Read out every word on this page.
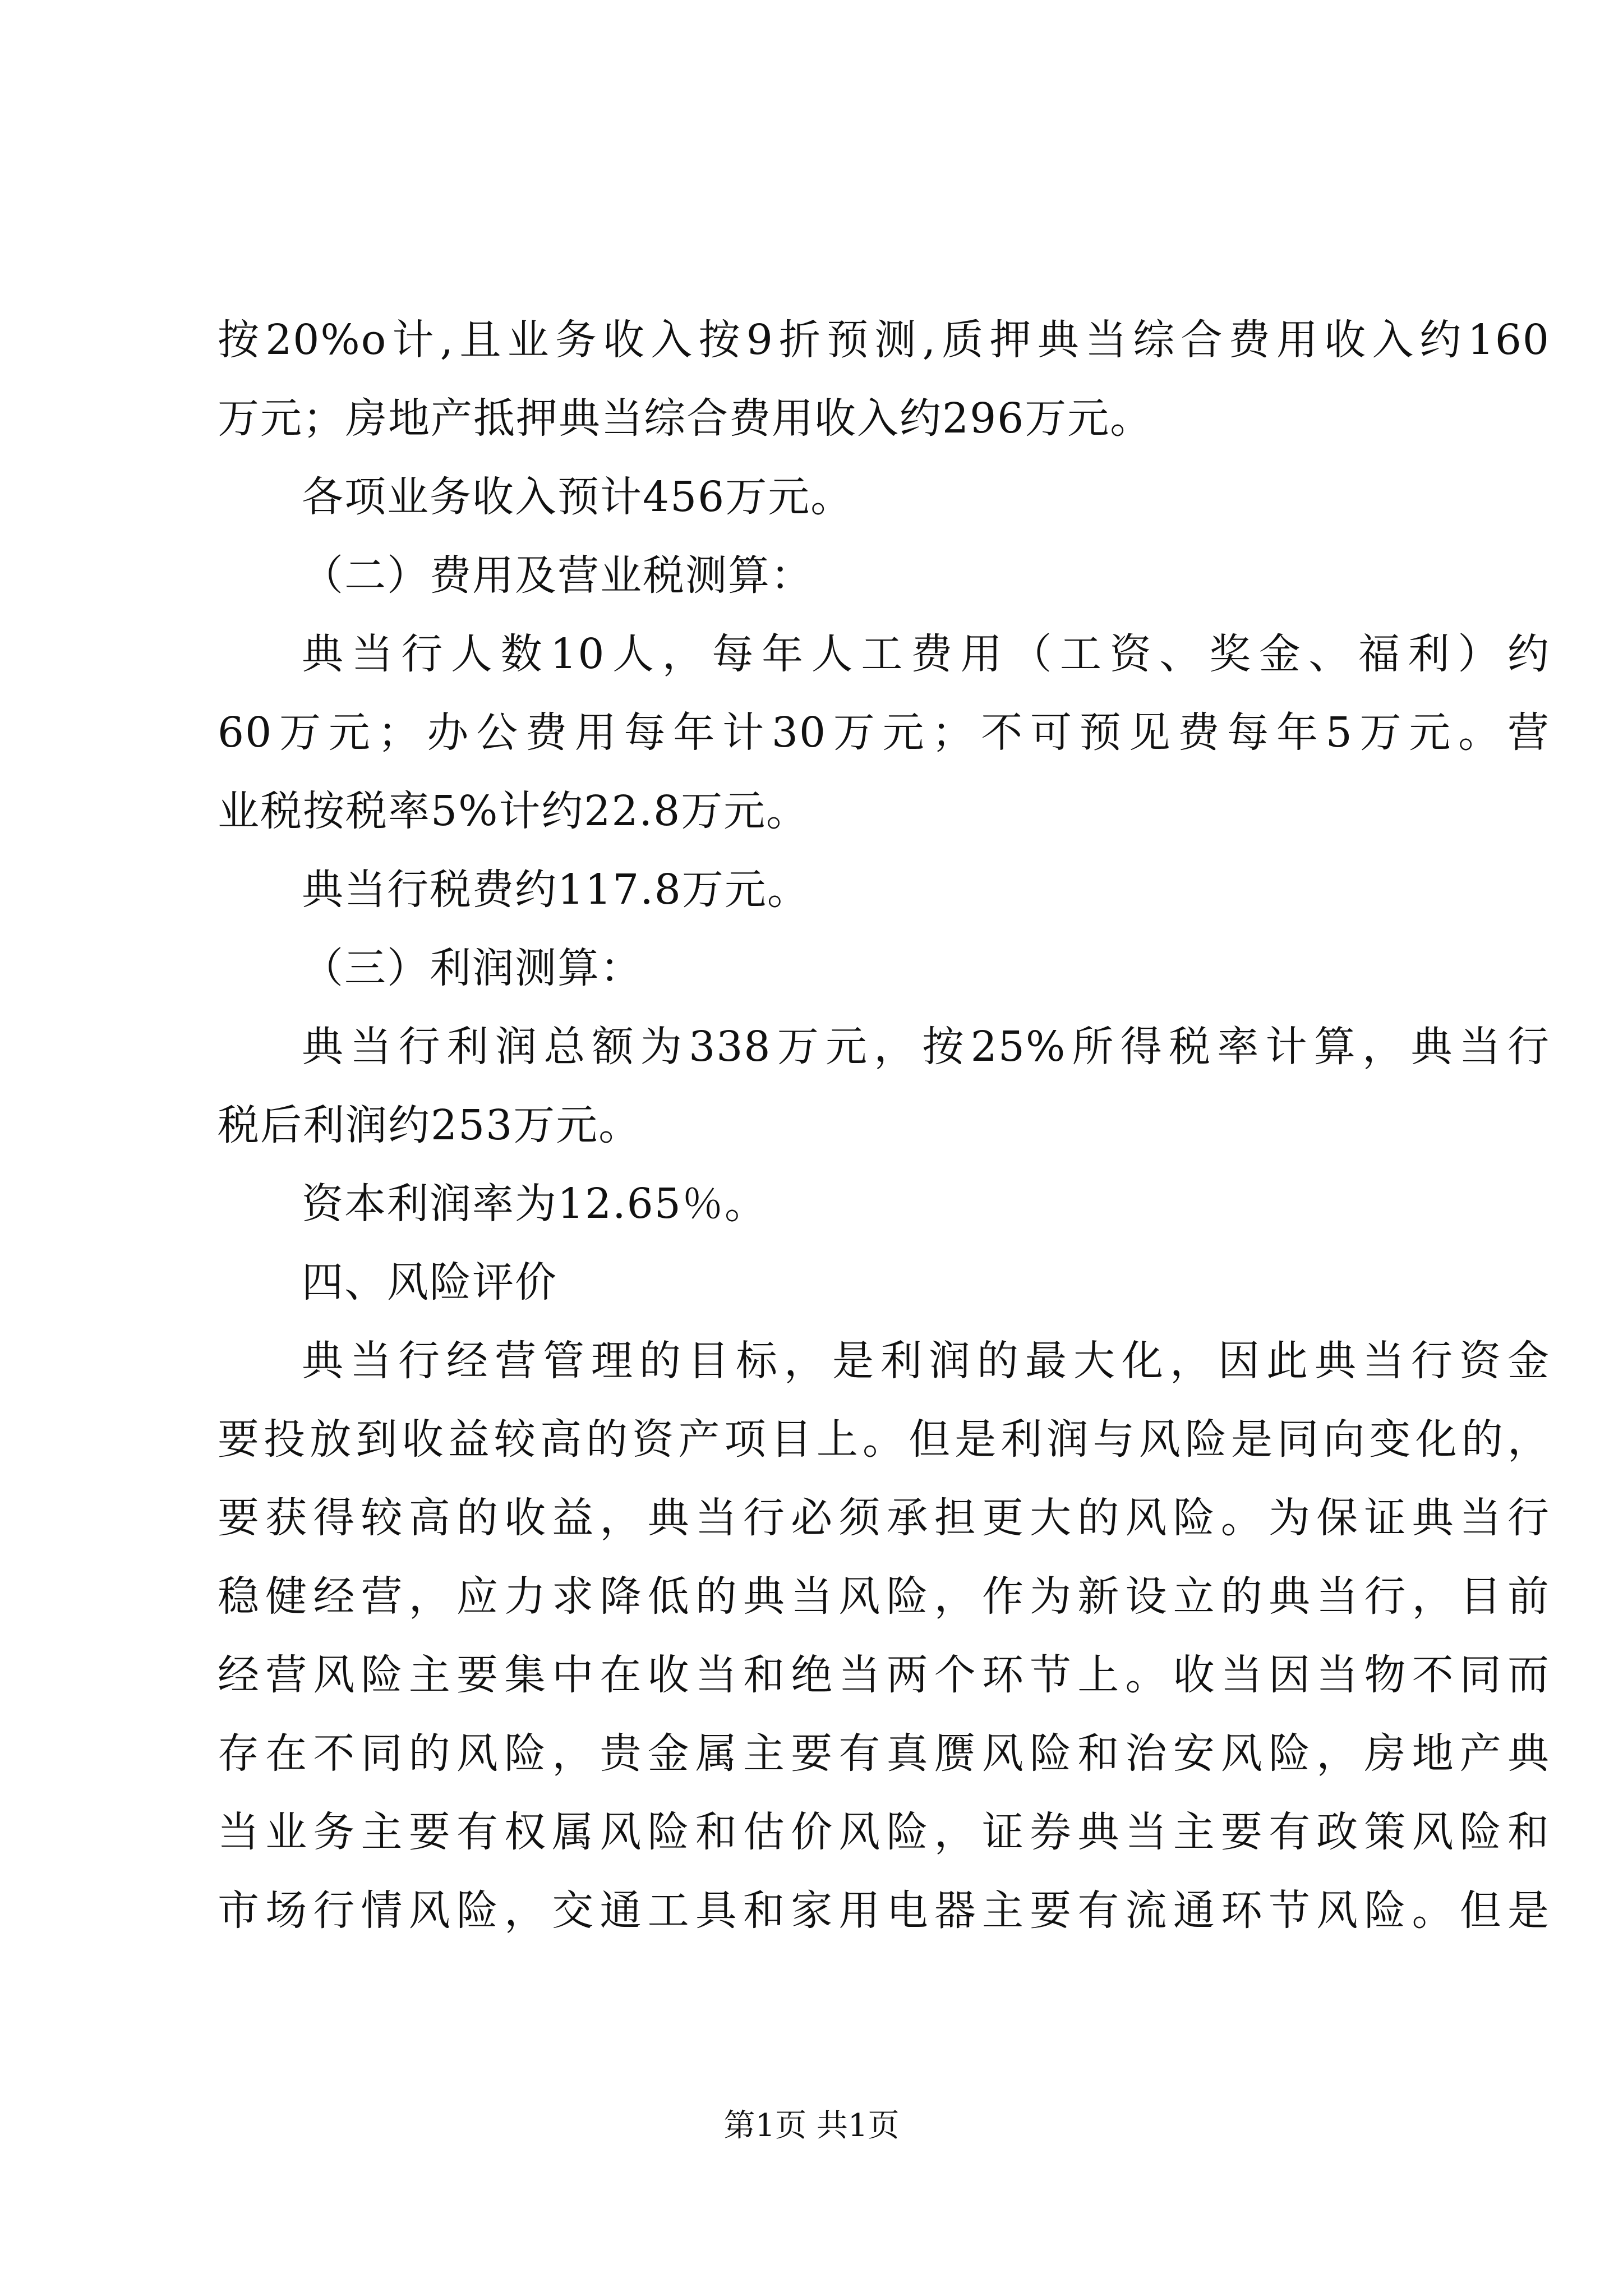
按20%o计,且业务收入按9折预测,质押典当综合费用收入约160

万元；房地产抵押典当综合费用收入约296万元。

各项业务收入预计456万元。

（二）费用及营业税测算：

典当行人数10人，每年人工费用（工资、奖金、福利）约

60万元；办公费用每年计30万元；不可预见费每年5万元。营

业税按税率5%计约22.8万元。

典当行税费约117.8万元。

（三）利润测算：

典当行利润总额为338万元，按25%所得税率计算，典当行

税后利润约253万元。

资本利润率为12.65％。

四、风险评价

典当行经营管理的目标，是利润的最大化，因此典当行资金

要投放到收益较高的资产项目上。但是利润与风险是同向变化的，

要获得较高的收益，典当行必须承担更大的风险。为保证典当行

稳健经营，应力求降低的典当风险，作为新设立的典当行，目前

经营风险主要集中在收当和绝当两个环节上。收当因当物不同而

存在不同的风险，贵金属主要有真赝风险和治安风险，房地产典

当业务主要有权属风险和估价风险，证券典当主要有政策风险和

市场行情风险，交通工具和家用电器主要有流通环节风险。但是

第1页 共1页
